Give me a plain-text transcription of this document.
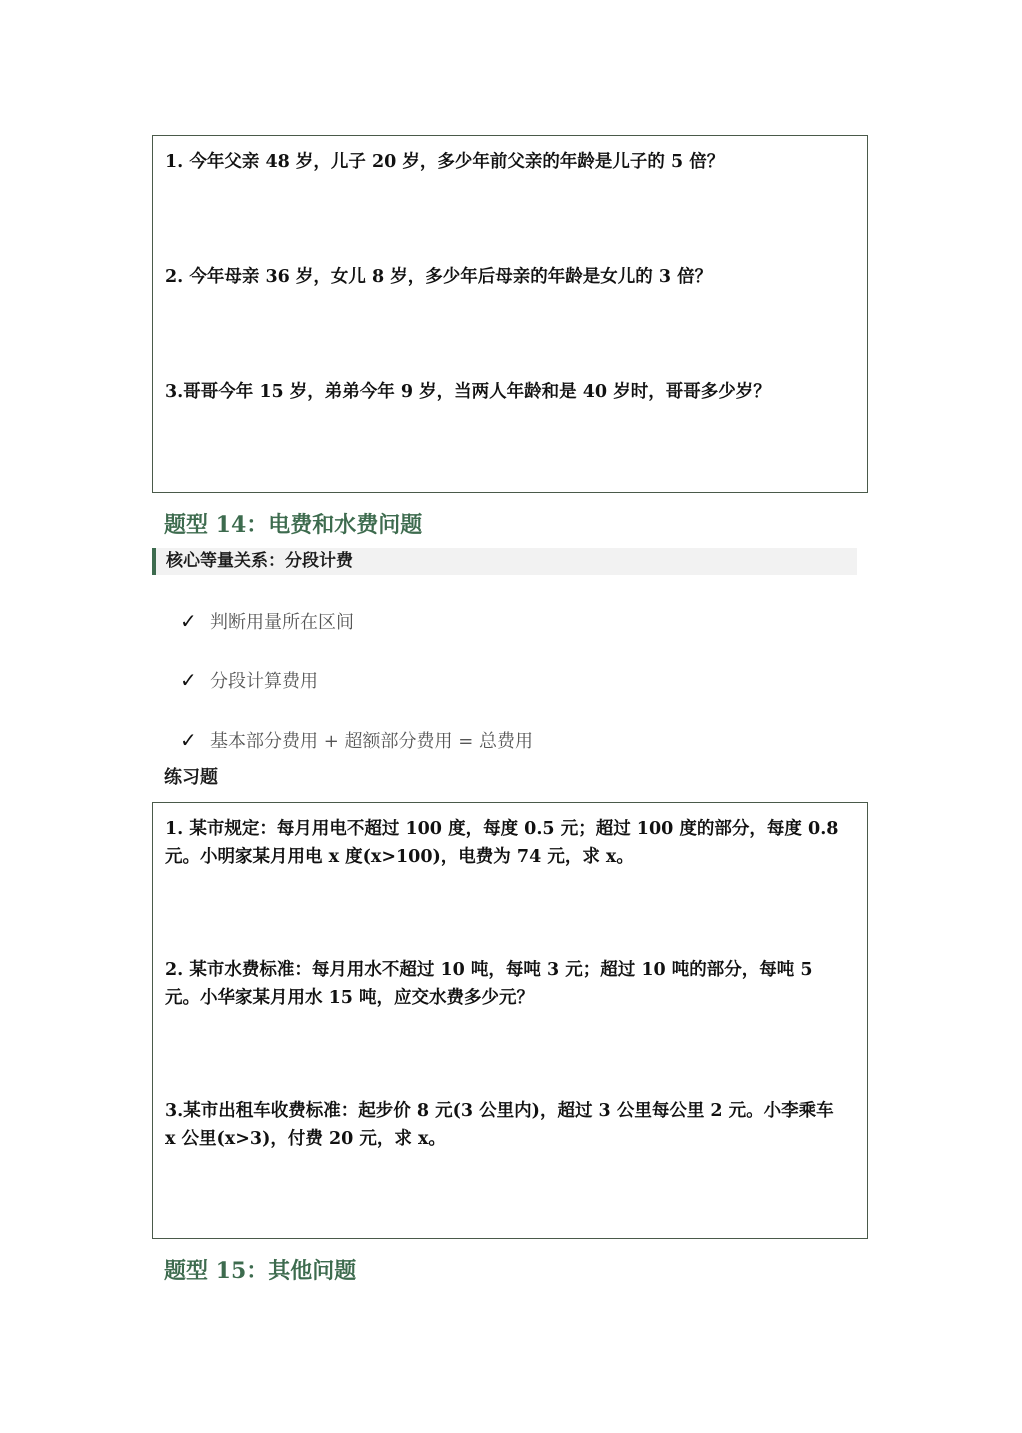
1. 今年父亲 48 岁，儿子 20 岁，多少年前父亲的年龄是儿子的 5 倍？

2. 今年母亲 36 岁，女儿 8 岁，多少年后母亲的年龄是女儿的 3 倍？

3.哥哥今年 15 岁，弟弟今年 9 岁，当两人年龄和是 40 岁时，哥哥多少岁？

题型 14：电费和水费问题
核心等量关系：分段计费
✓ 判断用量所在区间
✓ 分段计算费用
✓ 基本部分费用 + 超额部分费用 = 总费用

练习题

1. 某市规定：每月用电不超过 100 度，每度 0.5 元；超过 100 度的部分，每度 0.8 元。小明家某月用电 x 度(x>100)，电费为 74 元，求 x。

2. 某市水费标准：每月用水不超过 10 吨，每吨 3 元；超过 10 吨的部分，每吨 5 元。小华家某月用水 15 吨，应交水费多少元？

3.某市出租车收费标准：起步价 8 元(3 公里内)，超过 3 公里每公里 2 元。小李乘车 x 公里(x>3)，付费 20 元，求 x。

题型 15：其他问题
